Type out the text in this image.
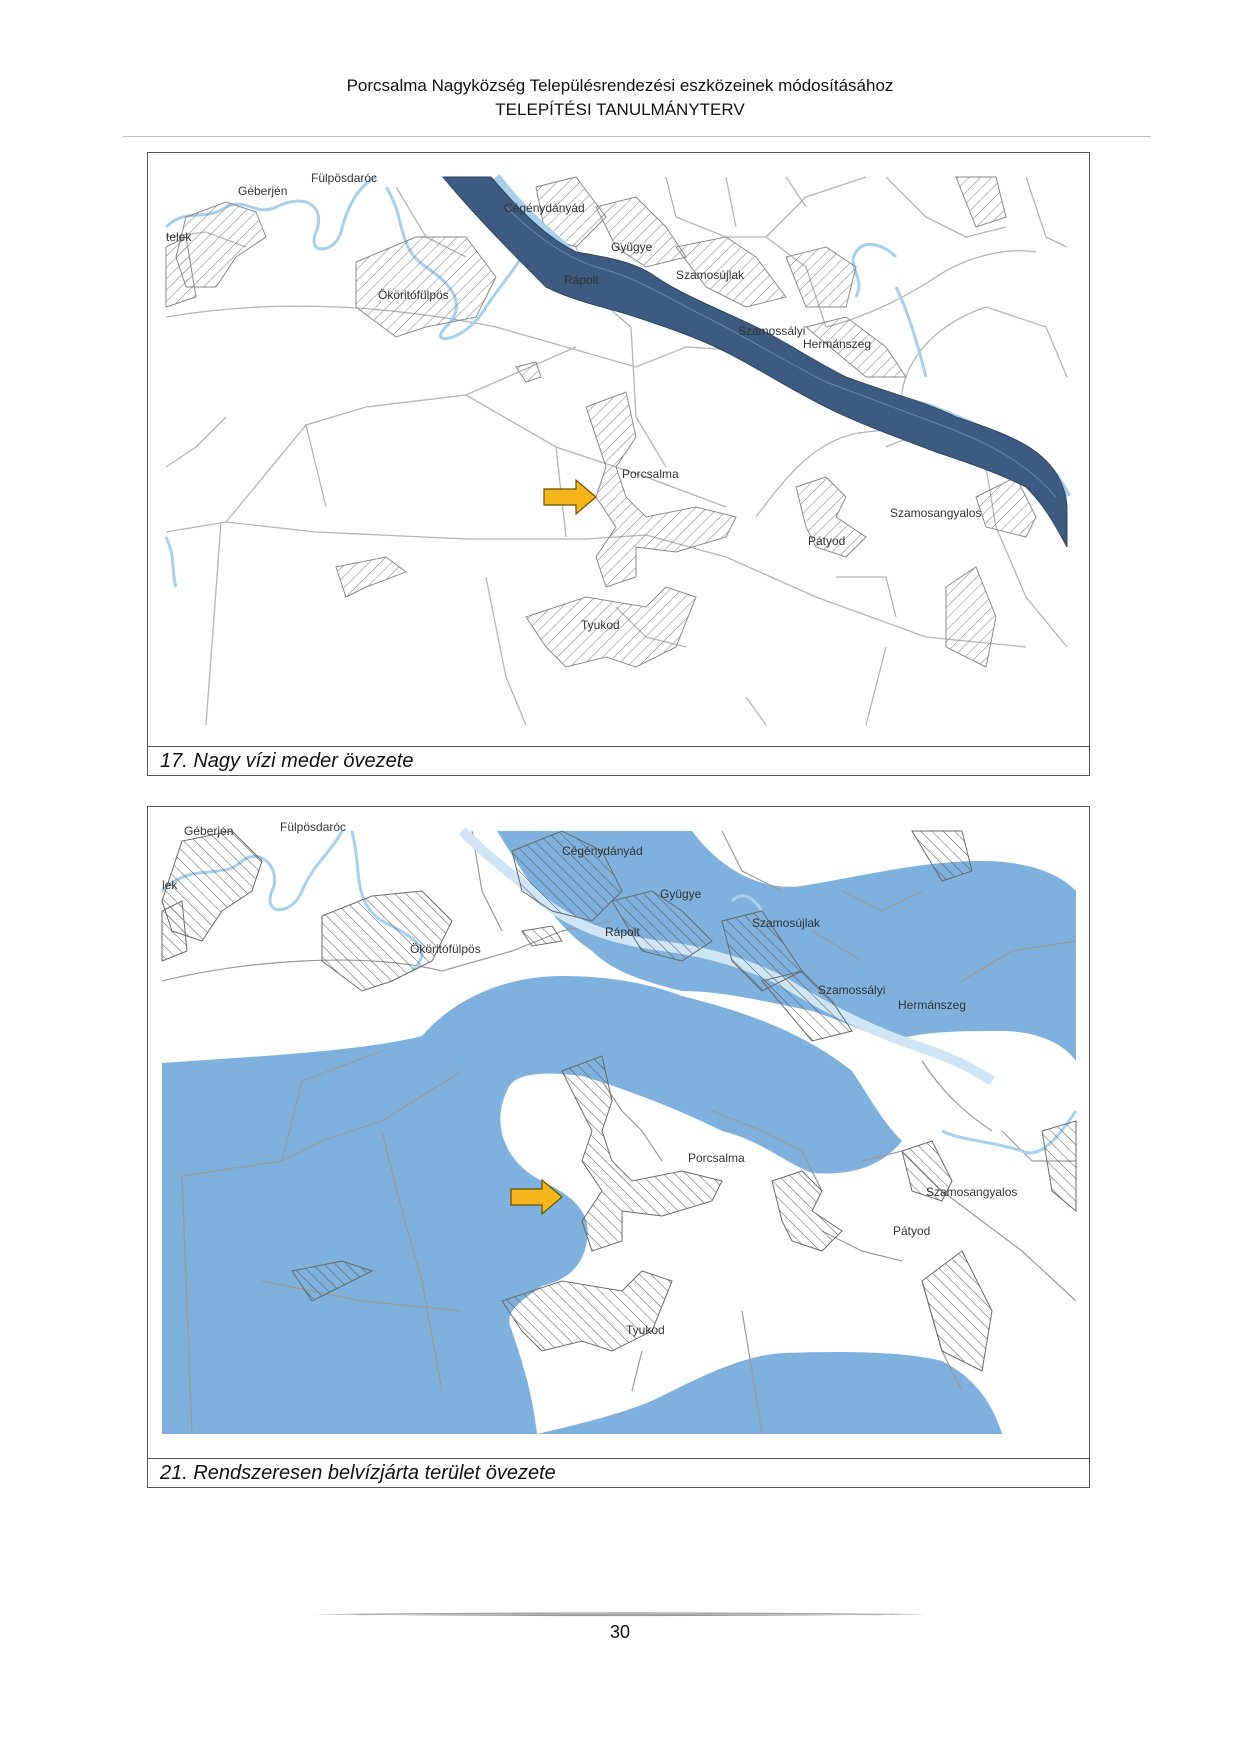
Porcsalma Nagyközség Településrendezési eszközeinek módosításához
TELEPÍTÉSI TANULMÁNYTERV
Géberjén
Fülpösdaróc
telek
Cégénydányád
Gyügye
Rápolt	Szamosújlak
Ököritófülpös
Szamossályi
Hermánszeg
Porcsalma
Szamosangyalos
Pátyod
Tyukod
17. Nagy vízi meder övezete
Géberjén	Fülpösdaróc
lek
Cégénydányád
Gyügye
Rápolt
Szamosújlak
Ököritófülpös
Szamossályi
Hermánszeg
Porcsalma
Szamosangyalos
Pátyod
Tyukod
21. Rendszeresen belvízjárta terület övezete
30
